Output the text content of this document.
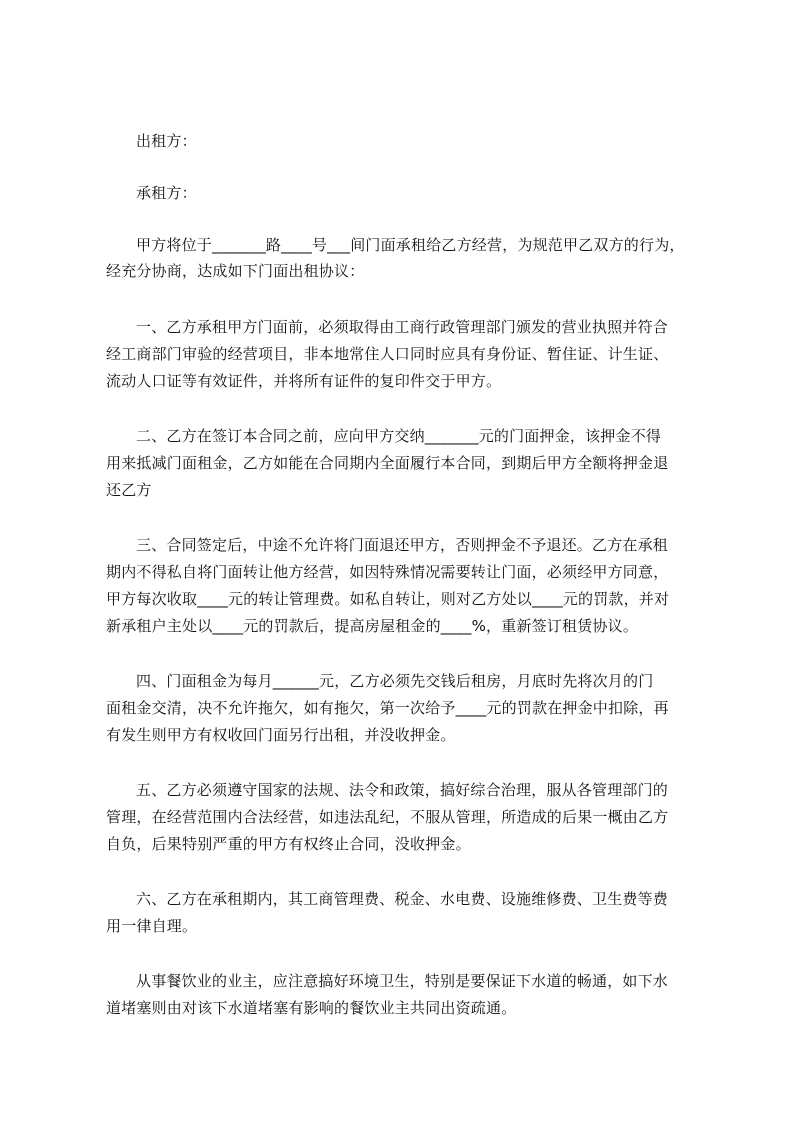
出租方：

承租方：

甲方将位于_______路____号___间门面承租给乙方经营，为规范甲乙双方的行为，

经充分协商，达成如下门面出租协议：

一、乙方承租甲方门面前，必须取得由工商行政管理部门颁发的营业执照并符合

经工商部门审验的经营项目，非本地常住人口同时应具有身份证、暂住证、计生证、

流动人口证等有效证件，并将所有证件的复印件交于甲方。

二、乙方在签订本合同之前，应向甲方交纳_______元的门面押金，该押金不得

用来抵减门面租金，乙方如能在合同期内全面履行本合同，到期后甲方全额将押金退

还乙方

三、合同签定后，中途不允许将门面退还甲方，否则押金不予退还。乙方在承租

期内不得私自将门面转让他方经营，如因特殊情况需要转让门面，必须经甲方同意，

甲方每次收取____元的转让管理费。如私自转让，则对乙方处以____元的罚款，并对

新承租户主处以____元的罚款后，提高房屋租金的____%，重新签订租赁协议。

四、门面租金为每月______元，乙方必须先交钱后租房，月底时先将次月的门

面租金交清，决不允许拖欠，如有拖欠，第一次给予____元的罚款在押金中扣除，再

有发生则甲方有权收回门面另行出租，并没收押金。

五、乙方必须遵守国家的法规、法令和政策，搞好综合治理，服从各管理部门的

管理，在经营范围内合法经营，如违法乱纪，不服从管理，所造成的后果一概由乙方

自负，后果特别严重的甲方有权终止合同，没收押金。

六、乙方在承租期内，其工商管理费、税金、水电费、设施维修费、卫生费等费

用一律自理。

从事餐饮业的业主，应注意搞好环境卫生，特别是要保证下水道的畅通，如下水

道堵塞则由对该下水道堵塞有影响的餐饮业主共同出资疏通。
